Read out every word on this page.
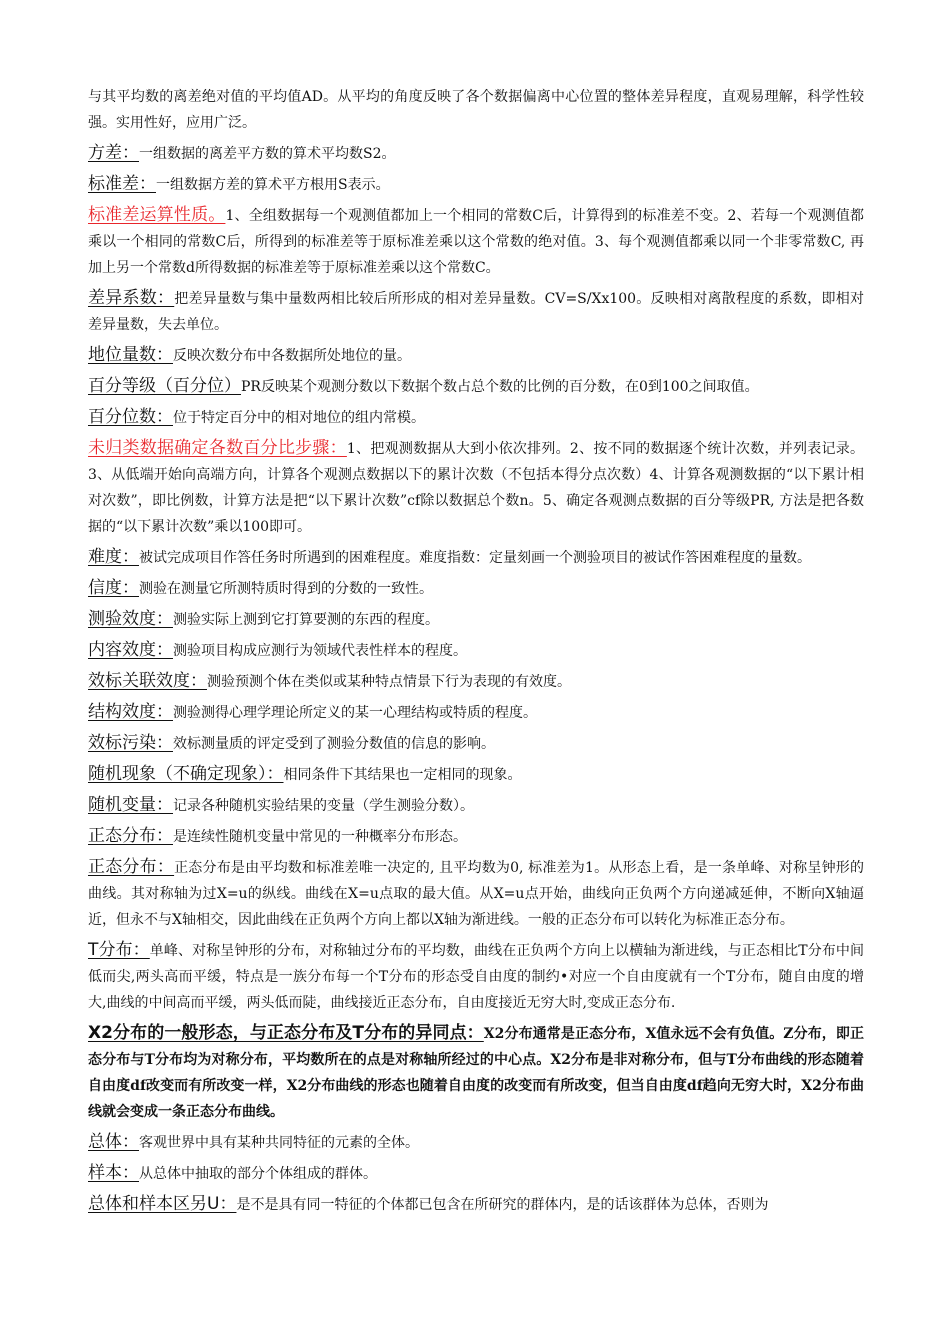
与其平均数的离差绝对值的平均值AD。从平均的角度反映了各个数据偏离中心位置的整体差异程度，直观易理解，科学性较强。实用性好，应用广泛。

方差：一组数据的离差平方数的算术平均数S2。

标准差：一组数据方差的算术平方根用S表示。

标准差运算性质。1、全组数据每一个观测值都加上一个相同的常数C后，计算得到的标准差不变。2、若每一个观测值都乘以一个相同的常数C后，所得到的标准差等于原标准差乘以这个常数的绝对值。3、每个观测值都乘以同一个非零常数C, 再加上另一个常数d所得数据的标准差等于原标准差乘以这个常数C。

差异系数：把差异量数与集中量数两相比较后所形成的相对差异量数。CV=S/Xx100。反映相对离散程度的系数，即相对差异量数，失去单位。

地位量数：反映次数分布中各数据所处地位的量。

百分等级（百分位）PR反映某个观测分数以下数据个数占总个数的比例的百分数，在0到100之间取值。

百分位数：位于特定百分中的相对地位的组内常模。

未归类数据确定各数百分比步骤：1、把观测数据从大到小依次排列。2、按不同的数据逐个统计次数，并列表记录。3、从低端开始向高端方向，计算各个观测点数据以下的累计次数（不包括本得分点次数）4、计算各观测数据的“以下累计相对次数”，即比例数，计算方法是把“以下累计次数”cf除以数据总个数n。5、确定各观测点数据的百分等级PR, 方法是把各数据的“以下累计次数”乘以100即可。

难度：被试完成项目作答任务时所遇到的困难程度。难度指数：定量刻画一个测验项目的被试作答困难程度的量数。

信度：测验在测量它所测特质时得到的分数的一致性。

测验效度：测验实际上测到它打算要测的东西的程度。

内容效度：测验项目构成应测行为领域代表性样本的程度。

效标关联效度：测验预测个体在类似或某种特点情景下行为表现的有效度。

结构效度：测验测得心理学理论所定义的某一心理结构或特质的程度。

效标污染：效标测量质的评定受到了测验分数值的信息的影响。

随机现象（不确定现象）：相同条件下其结果也一定相同的现象。

随机变量：记录各种随机实验结果的变量（学生测验分数）。

正态分布：是连续性随机变量中常见的一种概率分布形态。

正态分布：正态分布是由平均数和标准差唯一决定的, 且平均数为0, 标准差为1。从形态上看，是一条单峰、对称呈钟形的曲线。其对称轴为过X=u的纵线。曲线在X=u点取的最大值。从X=u点开始，曲线向正负两个方向递减延伸，不断向X轴逼近，但永不与X轴相交，因此曲线在正负两个方向上都以X轴为渐进线。一般的正态分布可以转化为标准正态分布。

T分布：单峰、对称呈钟形的分布，对称轴过分布的平均数，曲线在正负两个方向上以横轴为渐进线，与正态相比T分布中间低而尖,两头高而平缓，特点是一族分布每一个T分布的形态受自由度的制约•对应一个自由度就有一个T分布，随自由度的增大,曲线的中间高而平缓，两头低而陡，曲线接近正态分布，自由度接近无穷大时,变成正态分布.

X2分布的一般形态，与正态分布及T分布的异同点：X2分布通常是正态分布，X值永远不会有负值。Z分布，即正态分布与T分布均为对称分布，平均数所在的点是对称轴所经过的中心点。X2分布是非对称分布，但与T分布曲线的形态随着自由度df改变而有所改变一样，X2分布曲线的形态也随着自由度的改变而有所改变，但当自由度df趋向无穷大时，X2分布曲线就会变成一条正态分布曲线。

总体：客观世界中具有某种共同特征的元素的全体。

样本：从总体中抽取的部分个体组成的群体。

总体和样本区另U：是不是具有同一特征的个体都已包含在所研究的群体内，是的话该群体为总体，否则为
